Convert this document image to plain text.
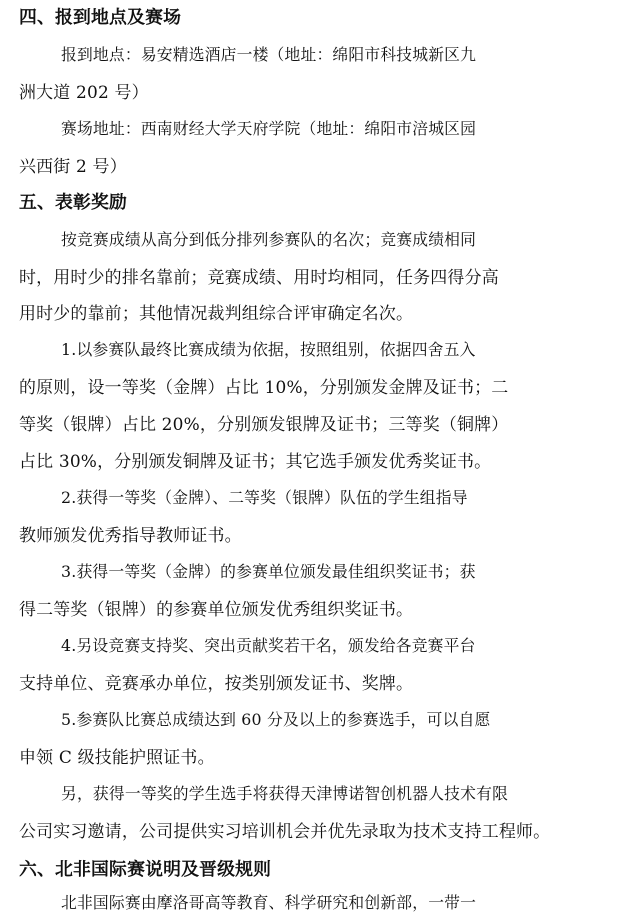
四、报到地点及赛场
报到地点：易安精选酒店一楼（地址：绵阳市科技城新区九
洲大道 202 号）
赛场地址：西南财经大学天府学院（地址：绵阳市涪城区园
兴西街 2 号）
五、表彰奖励
按竞赛成绩从高分到低分排列参赛队的名次；竞赛成绩相同
时，用时少的排名靠前；竞赛成绩、用时均相同，任务四得分高
用时少的靠前；其他情况裁判组综合评审确定名次。
1.以参赛队最终比赛成绩为依据，按照组别，依据四舍五入
的原则，设一等奖（金牌）占比 10%，分别颁发金牌及证书；二
等奖（银牌）占比 20%，分别颁发银牌及证书；三等奖（铜牌）
占比 30%，分别颁发铜牌及证书；其它选手颁发优秀奖证书。
2.获得一等奖（金牌）、二等奖（银牌）队伍的学生组指导
教师颁发优秀指导教师证书。
3.获得一等奖（金牌）的参赛单位颁发最佳组织奖证书；获
得二等奖（银牌）的参赛单位颁发优秀组织奖证书。
4.另设竞赛支持奖、突出贡献奖若干名，颁发给各竞赛平台
支持单位、竞赛承办单位，按类别颁发证书、奖牌。
5.参赛队比赛总成绩达到 60 分及以上的参赛选手，可以自愿
申领 C 级技能护照证书。
另，获得一等奖的学生选手将获得天津博诺智创机器人技术有限
公司实习邀请，公司提供实习培训机会并优先录取为技术支持工程师。
六、北非国际赛说明及晋级规则
北非国际赛由摩洛哥高等教育、科学研究和创新部，一带一
